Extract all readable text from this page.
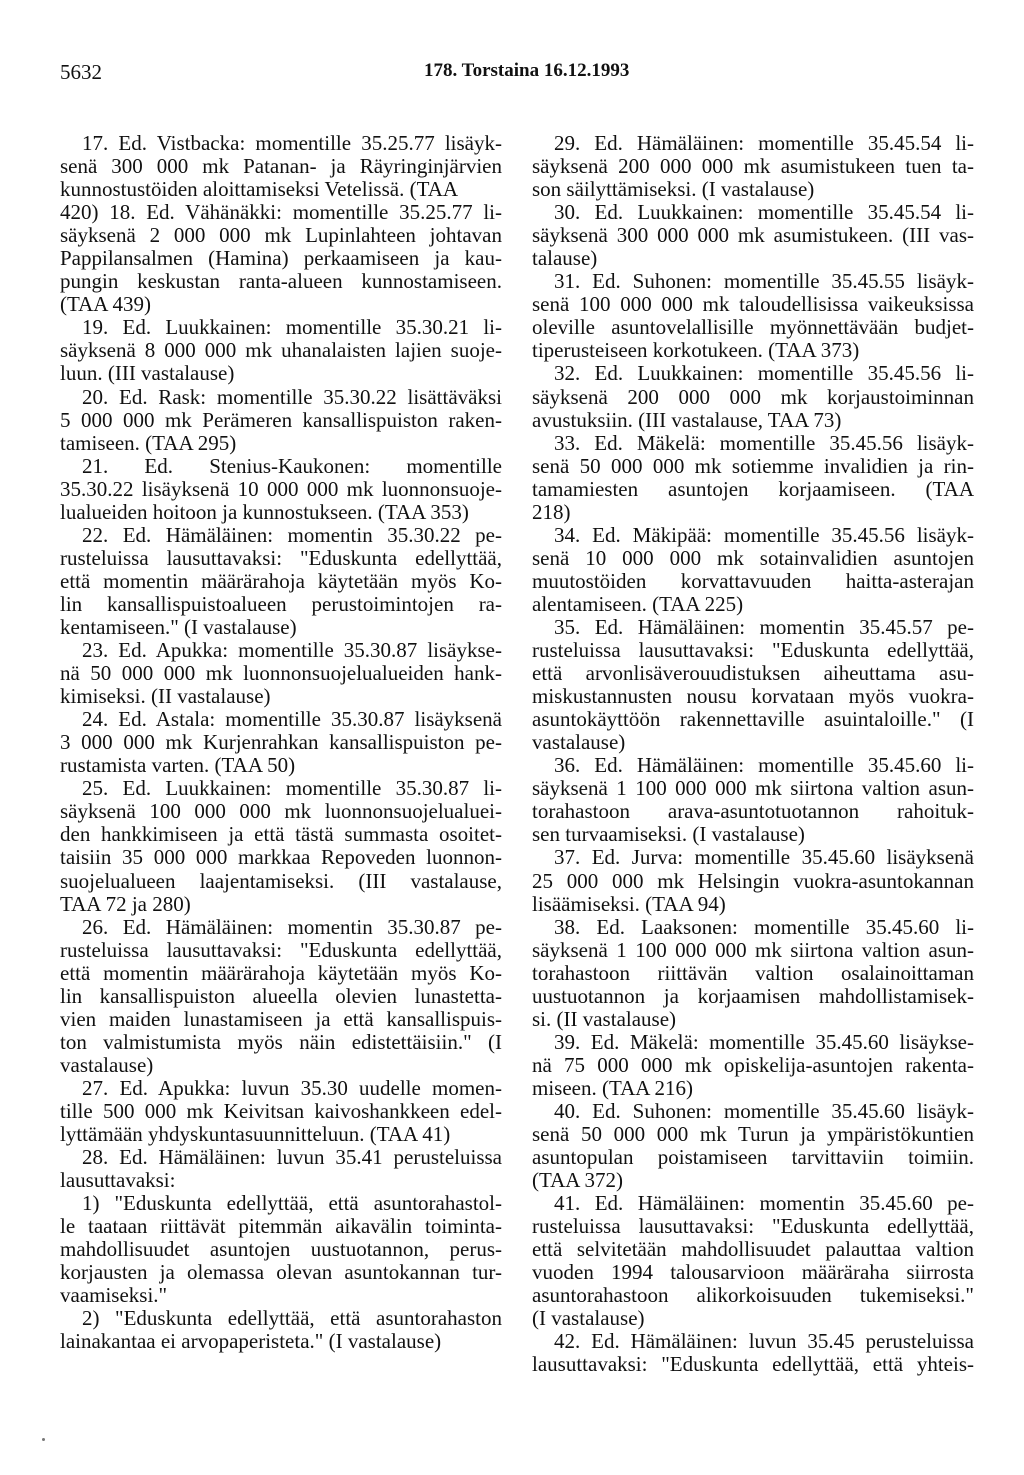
5632	178. Torstaina 16.12.1993
17. Ed. Vistbacka: momentille 35.25.77 lisäyk-
senä 300 000 mk Patanan- ja Räyringinjärvien
kunnostustöiden aloittamiseksi Vetelissä. (TAA
420) 18. Ed. Vähänäkki: momentille 35.25.77 li-
säyksenä 2 000 000 mk Lupinlahteen johtavan
Pappilansalmen (Hamina) perkaamiseen ja kau-
pungin keskustan ranta-alueen kunnostamiseen.
(TAA 439)
19. Ed. Luukkainen: momentille 35.30.21 li-
säyksenä 8 000 000 mk uhanalaisten lajien suoje-
luun. (III vastalause)
20. Ed. Rask: momentille 35.30.22 lisättäväksi
5 000 000 mk Perämeren kansallispuiston raken-
tamiseen. (TAA 295)
21. Ed. Stenius-Kaukonen: momentille
35.30.22 lisäyksenä 10 000 000 mk luonnonsuoje-
lualueiden hoitoon ja kunnostukseen. (TAA 353)
22. Ed. Hämäläinen: momentin 35.30.22 pe-
rusteluissa lausuttavaksi: "Eduskunta edellyttää,
että momentin määrärahoja käytetään myös Ko-
lin kansallispuistoalueen perustoimintojen ra-
kentamiseen." (I vastalause)
23. Ed. Apukka: momentille 35.30.87 lisäykse-
nä 50 000 000 mk luonnonsuojelualueiden hank-
kimiseksi. (II vastalause)
24. Ed. Astala: momentille 35.30.87 lisäyksenä
3 000 000 mk Kurjenrahkan kansallispuiston pe-
rustamista varten. (TAA 50)
25. Ed. Luukkainen: momentille 35.30.87 li-
säyksenä 100 000 000 mk luonnonsuojelualuei-
den hankkimiseen ja että tästä summasta osoitet-
taisiin 35 000 000 markkaa Repoveden luonnon-
suojelualueen laajentamiseksi. (III vastalause,
TAA 72 ja 280)
26. Ed. Hämäläinen: momentin 35.30.87 pe-
rusteluissa lausuttavaksi: "Eduskunta edellyttää,
että momentin määrärahoja käytetään myös Ko-
lin kansallispuiston alueella olevien lunastetta-
vien maiden lunastamiseen ja että kansallispuis-
ton valmistumista myös näin edistettäisiin." (I
vastalause)
27. Ed. Apukka: luvun 35.30 uudelle momen-
tille 500 000 mk Keivitsan kaivoshankkeen edel-
lyttämään yhdyskuntasuunnitteluun. (TAA 41)
28. Ed. Hämäläinen: luvun 35.41 perusteluissa
lausuttavaksi:
1) "Eduskunta edellyttää, että asuntorahastol-
le taataan riittävät pitemmän aikavälin toiminta-
mahdollisuudet asuntojen uustuotannon, perus-
korjausten ja olemassa olevan asuntokannan tur-
vaamiseksi."
2) "Eduskunta edellyttää, että asuntorahaston
lainakantaa ei arvopaperisteta." (I vastalause)
29. Ed. Hämäläinen: momentille 35.45.54 li-
säyksenä 200 000 000 mk asumistukeen tuen ta-
son säilyttämiseksi. (I vastalause)
30. Ed. Luukkainen: momentille 35.45.54 li-
säyksenä 300 000 000 mk asumistukeen. (III vas-
talause)
31. Ed. Suhonen: momentille 35.45.55 lisäyk-
senä 100 000 000 mk taloudellisissa vaikeuksissa
oleville asuntovelallisille myönnettävään budjet-
tiperusteiseen korkotukeen. (TAA 373)
32. Ed. Luukkainen: momentille 35.45.56 li-
säyksenä 200 000 000 mk korjaustoiminnan
avustuksiin. (III vastalause, TAA 73)
33. Ed. Mäkelä: momentille 35.45.56 lisäyk-
senä 50 000 000 mk sotiemme invalidien ja rin-
tamamiesten asuntojen korjaamiseen. (TAA
218)
34. Ed. Mäkipää: momentille 35.45.56 lisäyk-
senä 10 000 000 mk sotainvalidien asuntojen
muutostöiden korvattavuuden haitta-asterajan
alentamiseen. (TAA 225)
35. Ed. Hämäläinen: momentin 35.45.57 pe-
rusteluissa lausuttavaksi: "Eduskunta edellyttää,
että arvonlisäverouudistuksen aiheuttama asu-
miskustannusten nousu korvataan myös vuokra-
asuntokäyttöön rakennettaville asuintaloille." (I
vastalause)
36. Ed. Hämäläinen: momentille 35.45.60 li-
säyksenä 1 100 000 000 mk siirtona valtion asun-
torahastoon arava-asuntotuotannon rahoituk-
sen turvaamiseksi. (I vastalause)
37. Ed. Jurva: momentille 35.45.60 lisäyksenä
25 000 000 mk Helsingin vuokra-asuntokannan
lisäämiseksi. (TAA 94)
38. Ed. Laaksonen: momentille 35.45.60 li-
säyksenä 1 100 000 000 mk siirtona valtion asun-
torahastoon riittävän valtion osalainoittaman
uustuotannon ja korjaamisen mahdollistamisek-
si. (II vastalause)
39. Ed. Mäkelä: momentille 35.45.60 lisäykse-
nä 75 000 000 mk opiskelija-asuntojen rakenta-
miseen. (TAA 216)
40. Ed. Suhonen: momentille 35.45.60 lisäyk-
senä 50 000 000 mk Turun ja ympäristökuntien
asuntopulan poistamiseen tarvittaviin toimiin.
(TAA 372)
41. Ed. Hämäläinen: momentin 35.45.60 pe-
rusteluissa lausuttavaksi: "Eduskunta edellyttää,
että selvitetään mahdollisuudet palauttaa valtion
vuoden 1994 talousarvioon määräraha siirrosta
asuntorahastoon alikorkoisuuden tukemiseksi."
(I vastalause)
42. Ed. Hämäläinen: luvun 35.45 perusteluissa
lausuttavaksi: "Eduskunta edellyttää, että yhteis-
